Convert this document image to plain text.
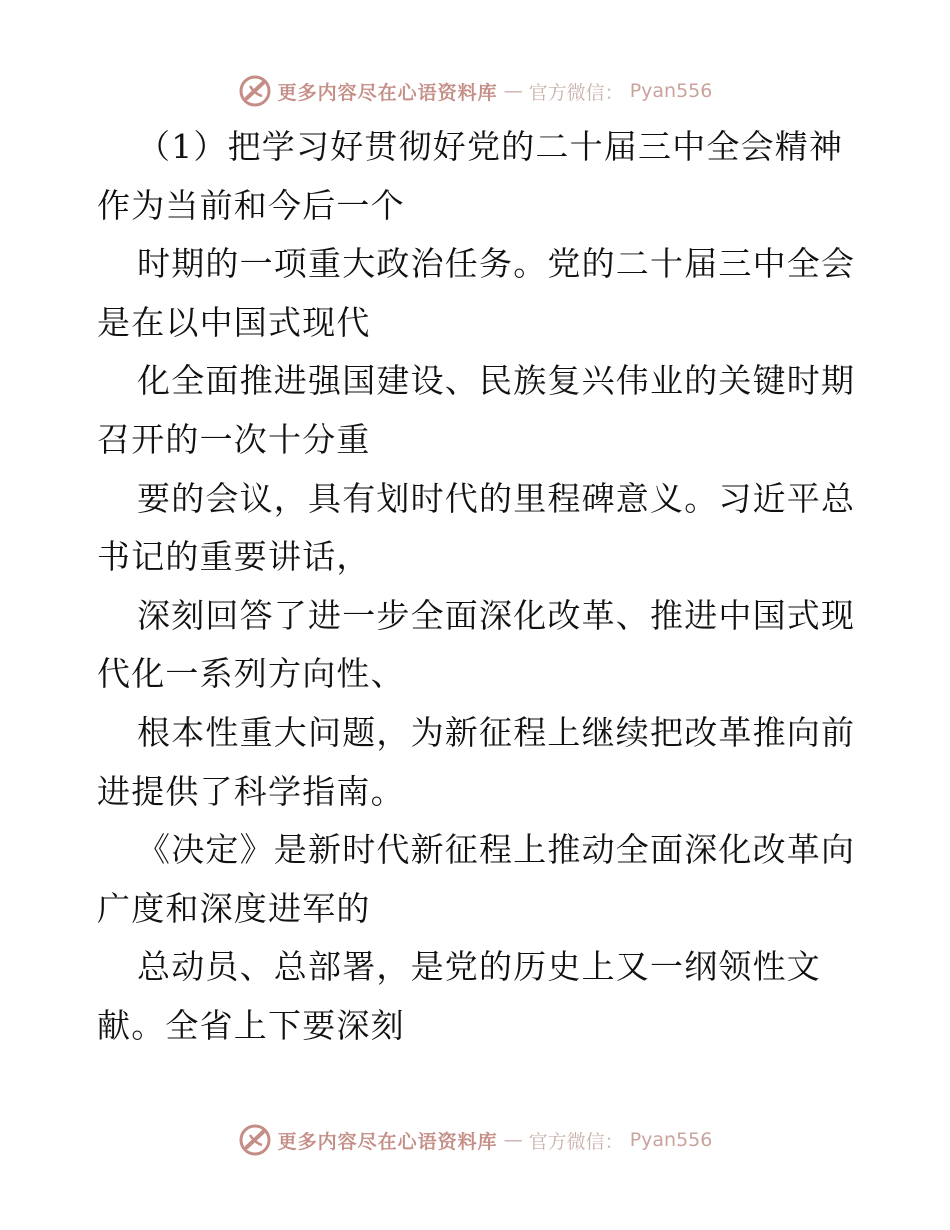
更多内容尽在心语资料库 — 官方微信： Pyan556
（1）把学习好贯彻好党的二十届三中全会精神
作为当前和今后一个
时期的一项重大政治任务。党的二十届三中全会
是在以中国式现代
化全面推进强国建设、民族复兴伟业的关键时期
召开的一次十分重
要的会议，具有划时代的里程碑意义。习近平总
书记的重要讲话，
深刻回答了进一步全面深化改革、推进中国式现
代化一系列方向性、
根本性重大问题，为新征程上继续把改革推向前
进提供了科学指南。
《决定》是新时代新征程上推动全面深化改革向
广度和深度进军的
总动员、总部署，是党的历史上又一纲领性文
献。全省上下要深刻
更多内容尽在心语资料库 — 官方微信： Pyan556
